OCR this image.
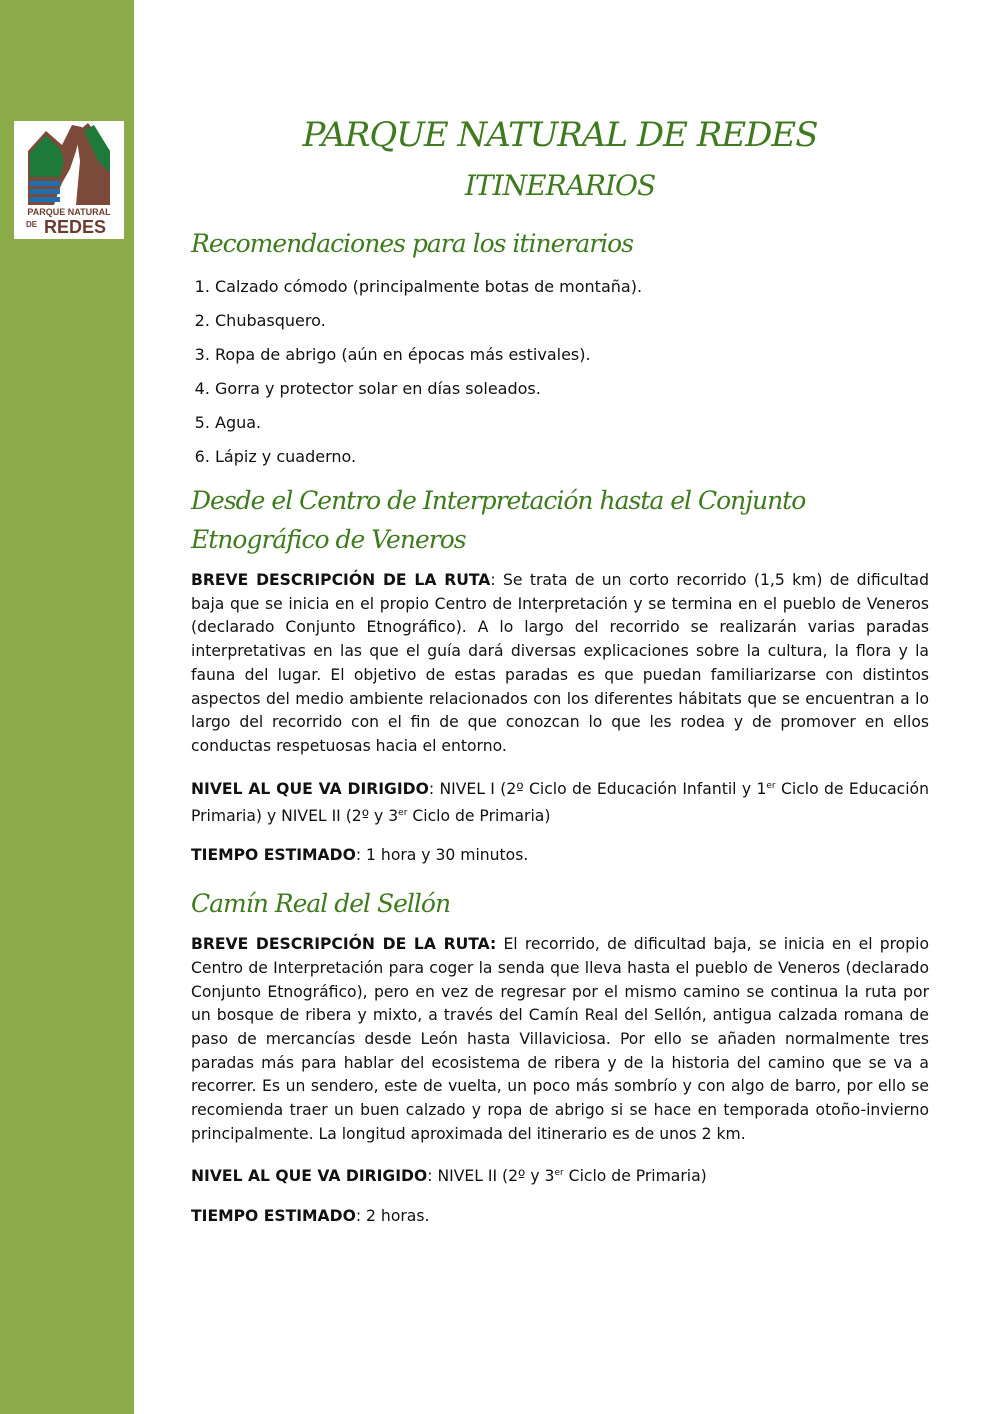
PARQUE NATURAL
DE REDES
PARQUE NATURAL DE REDES
ITINERARIOS
Recomendaciones para los itinerarios
1. Calzado cómodo (principalmente botas de montaña).
2. Chubasquero.
3. Ropa de abrigo (aún en épocas más estivales).
4. Gorra y protector solar en días soleados.
5. Agua.
6. Lápiz y cuaderno.
Desde el Centro de Interpretación hasta el Conjunto Etnográfico de Veneros

BREVE DESCRIPCIÓN DE LA RUTA: Se trata de un corto recorrido (1,5 km) de dificultad baja que se inicia en el propio Centro de Interpretación y se termina en el pueblo de Veneros (declarado Conjunto Etnográfico). A lo largo del recorrido se realizarán varias paradas interpretativas en las que el guía dará diversas explicaciones sobre la cultura, la flora y la fauna del lugar. El objetivo de estas paradas es que puedan familiarizarse con distintos aspectos del medio ambiente relacionados con los diferentes hábitats que se encuentran a lo largo del recorrido con el fin de que conozcan lo que les rodea y de promover en ellos conductas respetuosas hacia el entorno.

NIVEL AL QUE VA DIRIGIDO: NIVEL I (2º Ciclo de Educación Infantil y 1er Ciclo de Educación Primaria) y NIVEL II (2º y 3er Ciclo de Primaria)

TIEMPO ESTIMADO: 1 hora y 30 minutos.

Camín Real del Sellón

BREVE DESCRIPCIÓN DE LA RUTA: El recorrido, de dificultad baja, se inicia en el propio Centro de Interpretación para coger la senda que lleva hasta el pueblo de Veneros (declarado Conjunto Etnográfico), pero en vez de regresar por el mismo camino se continua la ruta por un bosque de ribera y mixto, a través del Camín Real del Sellón, antigua calzada romana de paso de mercancías desde León hasta Villaviciosa. Por ello se añaden normalmente tres paradas más para hablar del ecosistema de ribera y de la historia del camino que se va a recorrer. Es un sendero, este de vuelta, un poco más sombrío y con algo de barro, por ello se recomienda traer un buen calzado y ropa de abrigo si se hace en temporada otoño-invierno principalmente. La longitud aproximada del itinerario es de unos 2 km.

NIVEL AL QUE VA DIRIGIDO: NIVEL II (2º y 3er Ciclo de Primaria)

TIEMPO ESTIMADO: 2 horas.
